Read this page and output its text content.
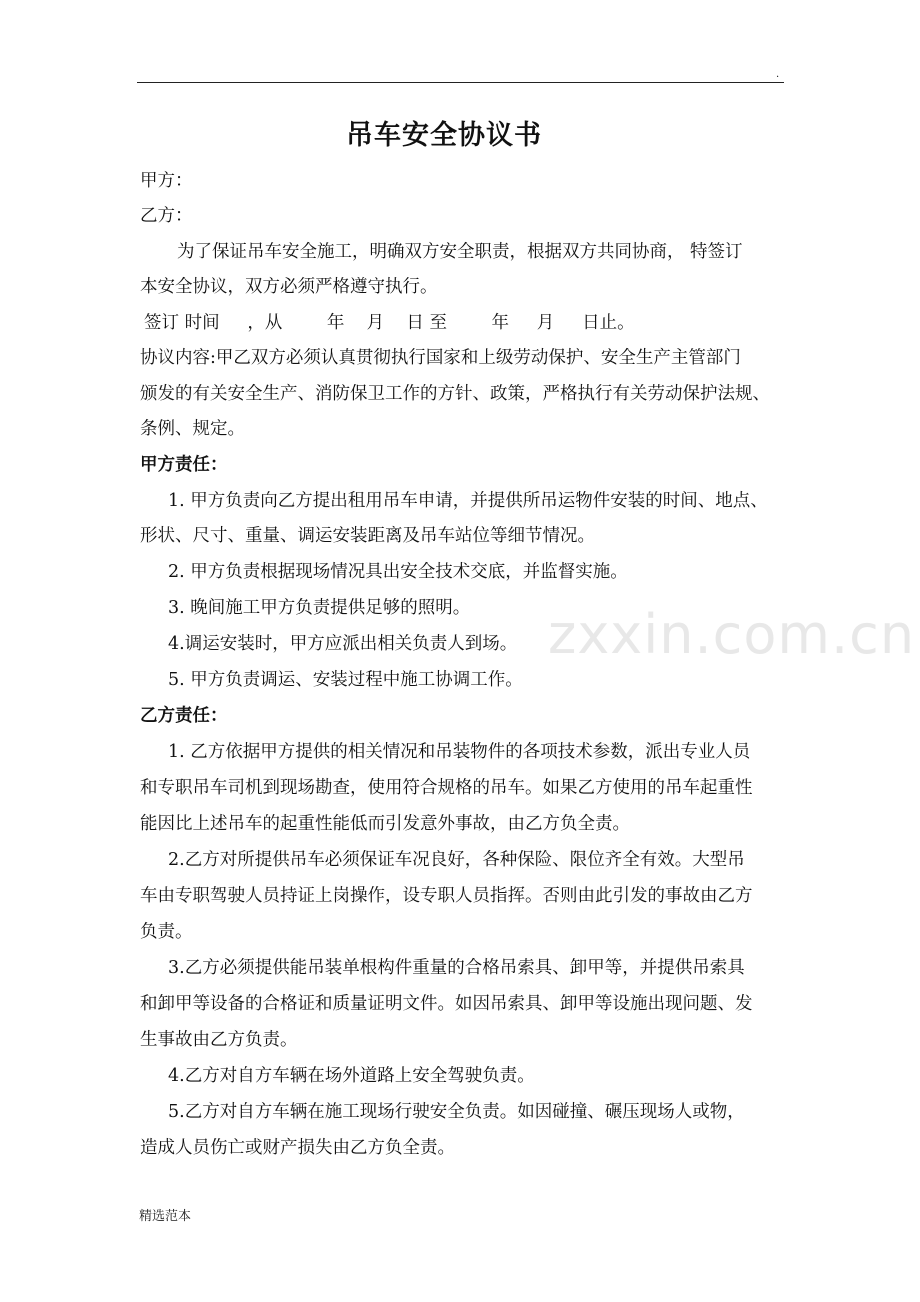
.
zxxin.com.cn
吊车安全协议书
甲方：
乙方：
为了保证吊车安全施工，明确双方安全职责，根据双方共同协商， 特签订
本安全协议，双方必须严格遵守执行。
签订 时间     ，从        年    月    日 至        年     月     日止。
协议内容:甲乙双方必须认真贯彻执行国家和上级劳动保护、安全生产主管部门
颁发的有关安全生产、消防保卫工作的方针、政策，严格执行有关劳动保护法规、
条例、规定。
甲方责任：
1. 甲方负责向乙方提出租用吊车申请，并提供所吊运物件安装的时间、地点、
形状、尺寸、重量、调运安装距离及吊车站位等细节情况。
2. 甲方负责根据现场情况具出安全技术交底，并监督实施。
3. 晚间施工甲方负责提供足够的照明。
4.调运安装时，甲方应派出相关负责人到场。
5. 甲方负责调运、安装过程中施工协调工作。
乙方责任：
1. 乙方依据甲方提供的相关情况和吊装物件的各项技术参数，派出专业人员
和专职吊车司机到现场勘查，使用符合规格的吊车。如果乙方使用的吊车起重性
能因比上述吊车的起重性能低而引发意外事故，由乙方负全责。
2.乙方对所提供吊车必须保证车况良好，各种保险、限位齐全有效。大型吊
车由专职驾驶人员持证上岗操作，设专职人员指挥。否则由此引发的事故由乙方
负责。
3.乙方必须提供能吊装单根构件重量的合格吊索具、卸甲等，并提供吊索具
和卸甲等设备的合格证和质量证明文件。如因吊索具、卸甲等设施出现问题、发
生事故由乙方负责。
4.乙方对自方车辆在场外道路上安全驾驶负责。
5.乙方对自方车辆在施工现场行驶安全负责。如因碰撞、碾压现场人或物，
造成人员伤亡或财产损失由乙方负全责。
精选范本
